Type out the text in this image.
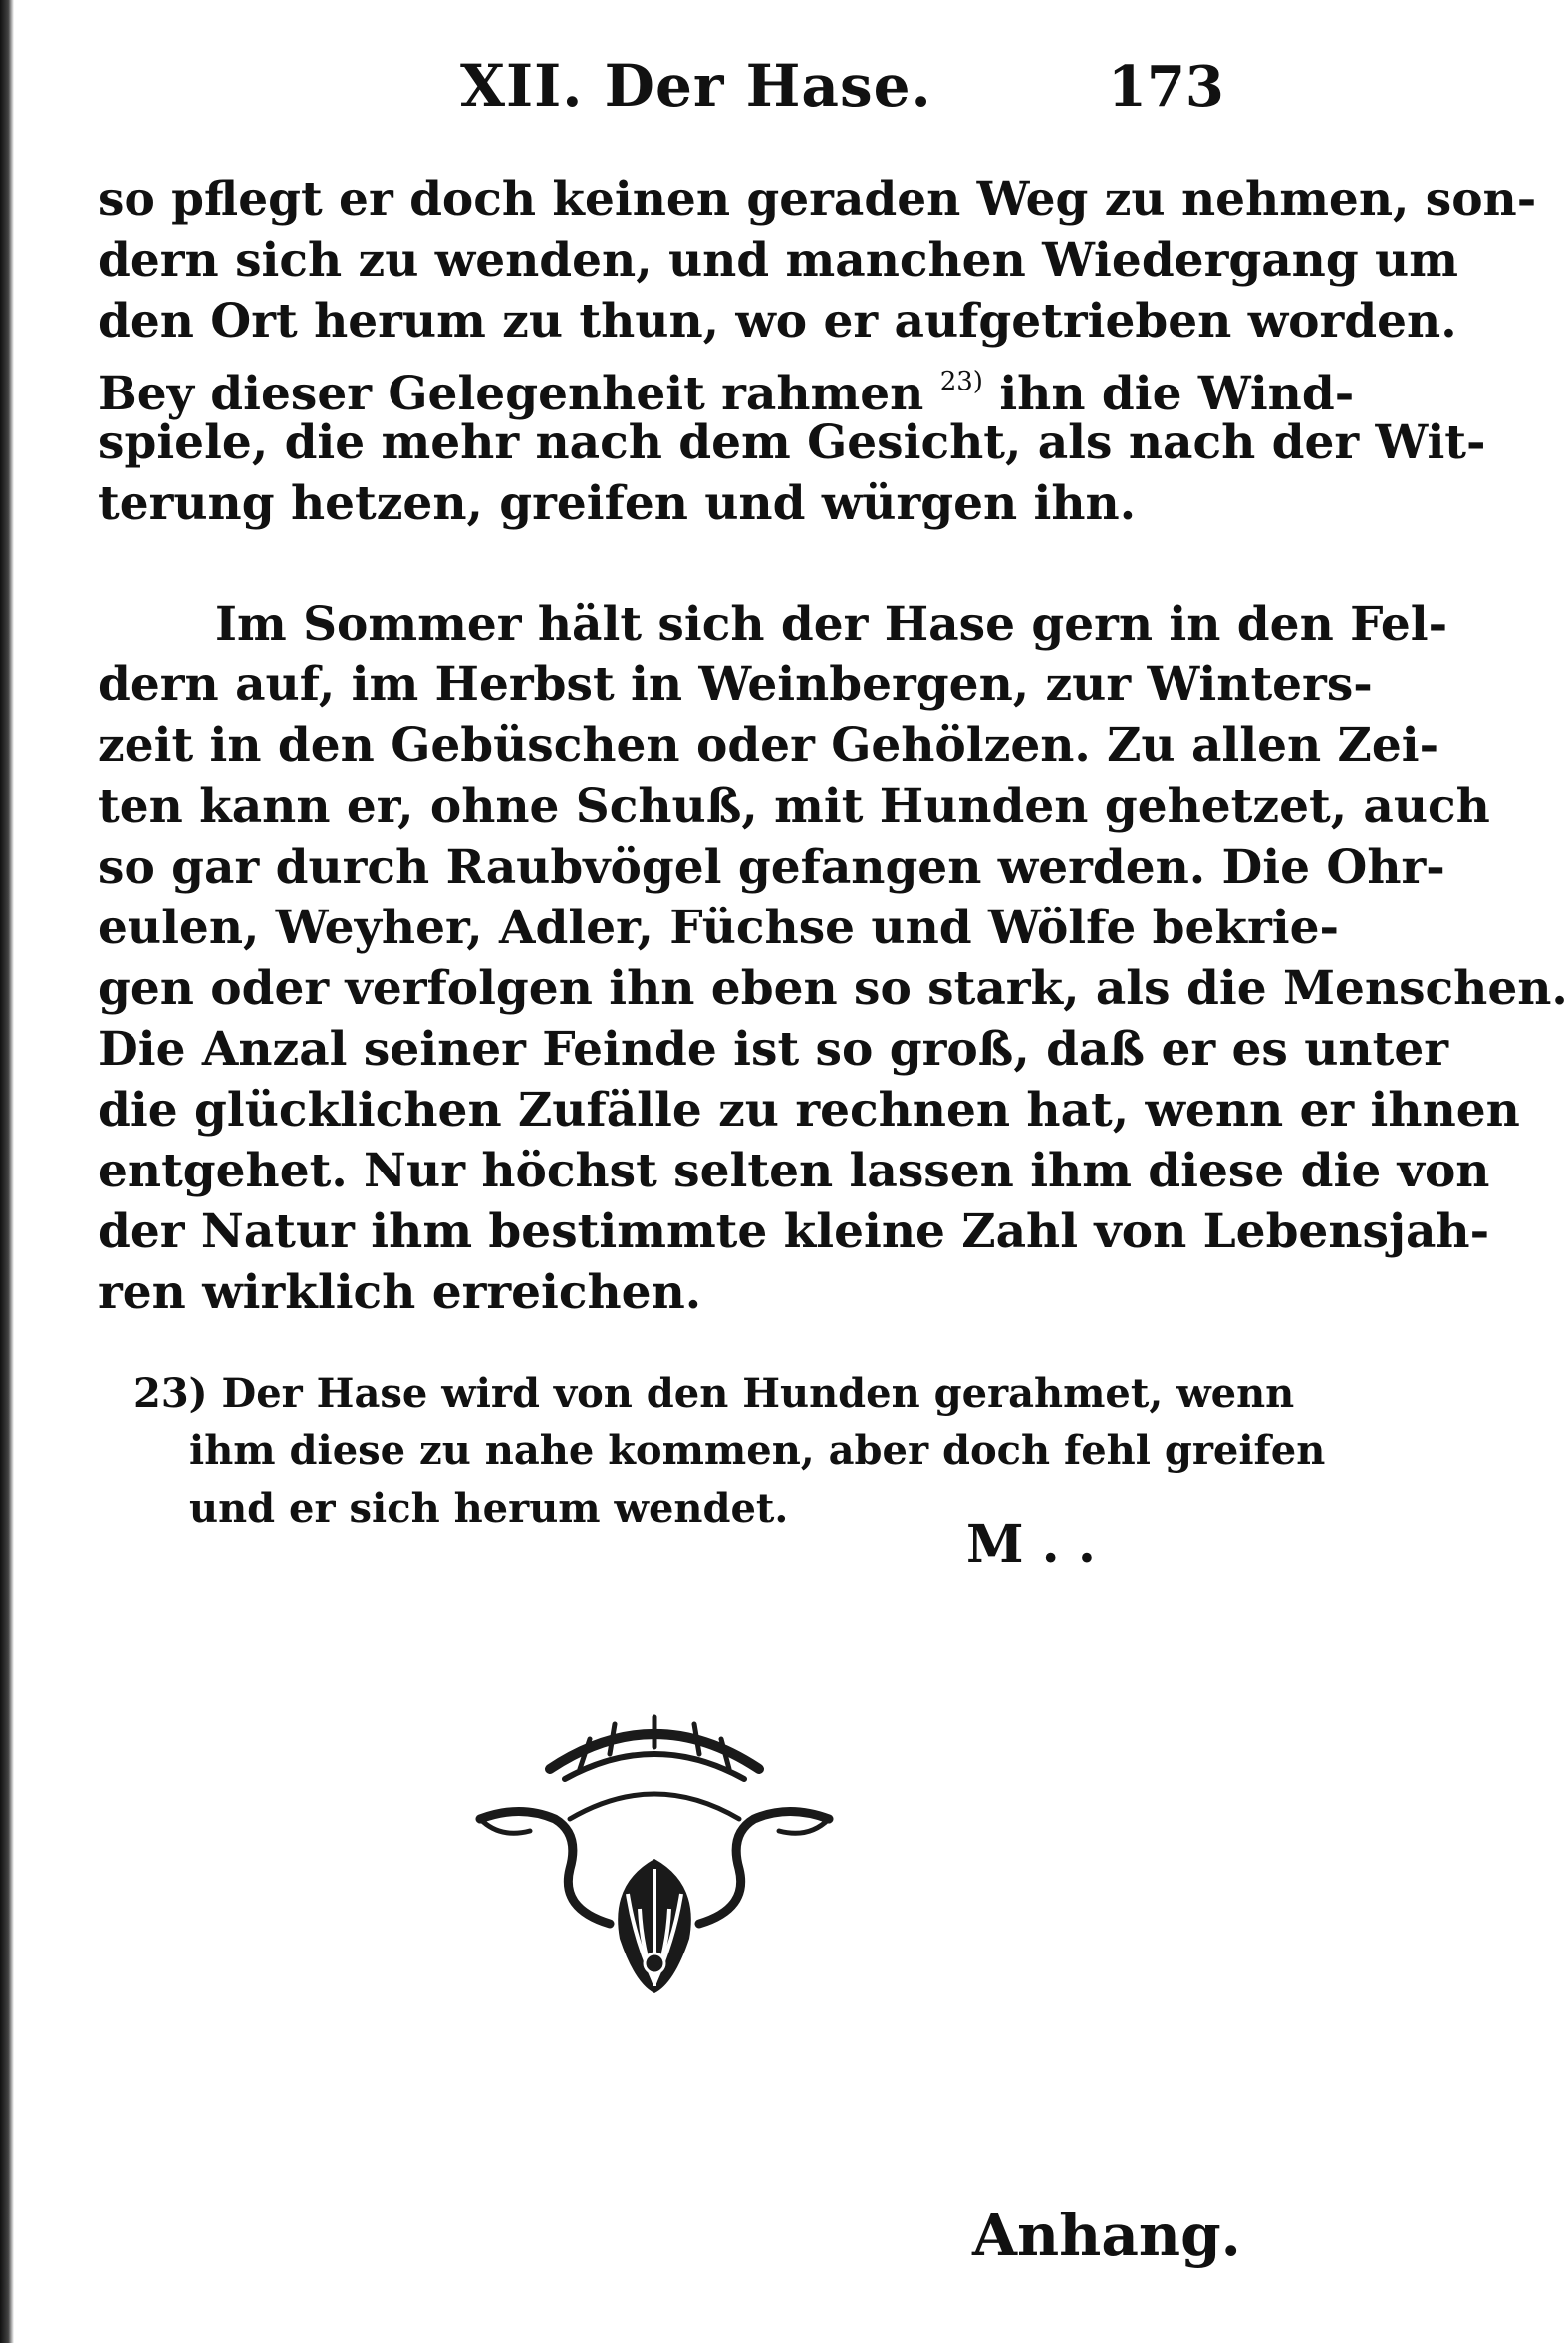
XII. Der Hase.	173
so pflegt er doch keinen geraden Weg zu nehmen, son-
dern sich zu wenden, und manchen Wiedergang um
den Ort herum zu thun, wo er aufgetrieben worden.
Bey dieser Gelegenheit rahmen $^{23)}$ ihn die Wind-
spiele, die mehr nach dem Gesicht, als nach der Wit-
terung hetzen, greifen und würgen ihn.
Im Sommer hält sich der Hase gern in den Fel-
dern auf, im Herbst in Weinbergen, zur Winters-
zeit in den Gebüschen oder Gehölzen. Zu allen Zei-
ten kann er, ohne Schuß, mit Hunden gehetzet, auch
so gar durch Raubvögel gefangen werden. Die Ohr-
eulen, Weyher, Adler, Füchse und Wölfe bekrie-
gen oder verfolgen ihn eben so stark, als die Menschen.
Die Anzal seiner Feinde ist so groß, daß er es unter
die glücklichen Zufälle zu rechnen hat, wenn er ihnen
entgehet. Nur höchst selten lassen ihm diese die von
der Natur ihm bestimmte kleine Zahl von Lebensjah-
ren wirklich erreichen.
23) Der Hase wird von den Hunden gerahmet, wenn
ihm diese zu nahe kommen, aber doch fehl greifen
und er sich herum wendet.
M . .
Anhang.
